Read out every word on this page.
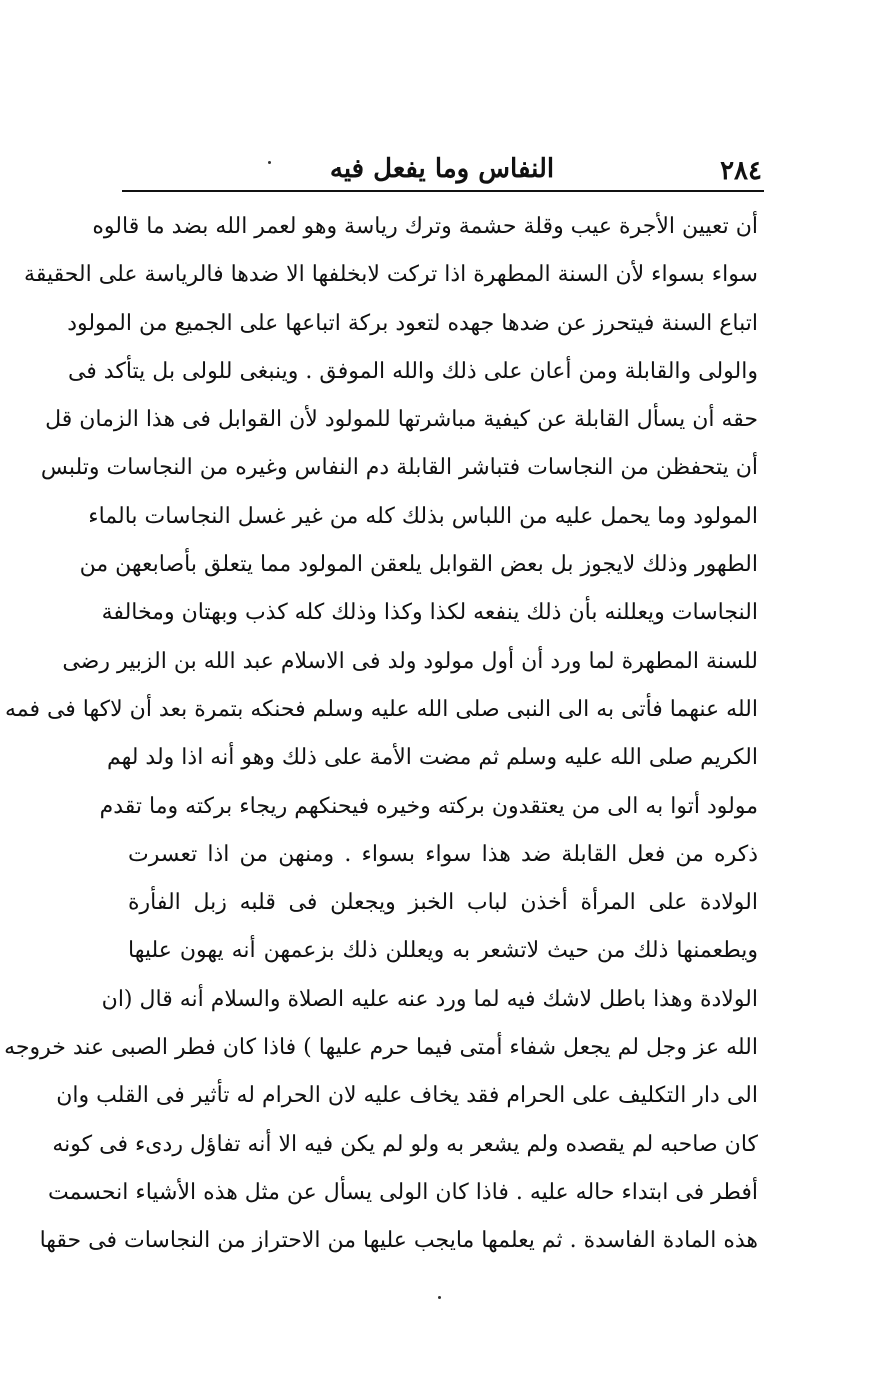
٢٨٤
النفاس وما يفعل فيه
أن تعيين الأجرة عيب وقلة حشمة وترك رياسة وهو لعمر الله بضد ما قالوه
سواء بسواء لأن السنة المطهرة اذا تركت لابخلفها الا ضدها فالرياسة على الحقيقة
اتباع السنة فيتحرز عن ضدها جهده لتعود بركة اتباعها على الجميع من المولود
والولى والقابلة ومن أعان على ذلك والله الموفق . وينبغى للولى بل يتأكد فى
حقه أن يسأل القابلة عن كيفية مباشرتها للمولود لأن القوابل فى هذا الزمان قل
أن يتحفظن من النجاسات فتباشر القابلة دم النفاس وغيره من النجاسات وتلبس
المولود وما يحمل عليه من اللباس بذلك كله من غير غسل النجاسات بالماء
الطهور وذلك لايجوز بل بعض القوابل يلعقن المولود مما يتعلق بأصابعهن من
النجاسات ويعللنه بأن ذلك ينفعه لكذا وكذا وذلك كله كذب وبهتان ومخالفة
للسنة المطهرة لما ورد أن أول مولود ولد فى الاسلام عبد الله بن الزبير رضى
الله عنهما فأتى به الى النبى صلى الله عليه وسلم فحنكه بتمرة بعد أن لاكها فى فمه
الكريم صلى الله عليه وسلم ثم مضت الأمة على ذلك وهو أنه اذا ولد لهم
مولود أتوا به الى من يعتقدون بركته وخيره فيحنكهم ريجاء بركته وما تقدم
ذكره من فعل القابلة ضد هذا سواء بسواء . ومنهن من اذا تعسرت
الولادة على المرأة أخذن لباب الخبز ويجعلن فى قلبه زبل الفأرة
ويطعمنها ذلك من حيث لاتشعر به ويعللن ذلك بزعمهن أنه يهون عليها
الولادة وهذا باطل لاشك فيه لما ورد عنه عليه الصلاة والسلام أنه قال (ان
الله عز وجل لم يجعل شفاء أمتى فيما حرم عليها ) فاذا كان فطر الصبى عند خروجه
الى دار التكليف على الحرام فقد يخاف عليه لان الحرام له تأثير فى القلب وان
كان صاحبه لم يقصده ولم يشعر به ولو لم يكن فيه الا أنه تفاؤل ردىء فى كونه
أفطر فى ابتداء حاله عليه . فاذا كان الولى يسأل عن مثل هذه الأشياء انحسمت
هذه المادة الفاسدة . ثم يعلمها مايجب عليها من الاحتراز من النجاسات فى حقها
